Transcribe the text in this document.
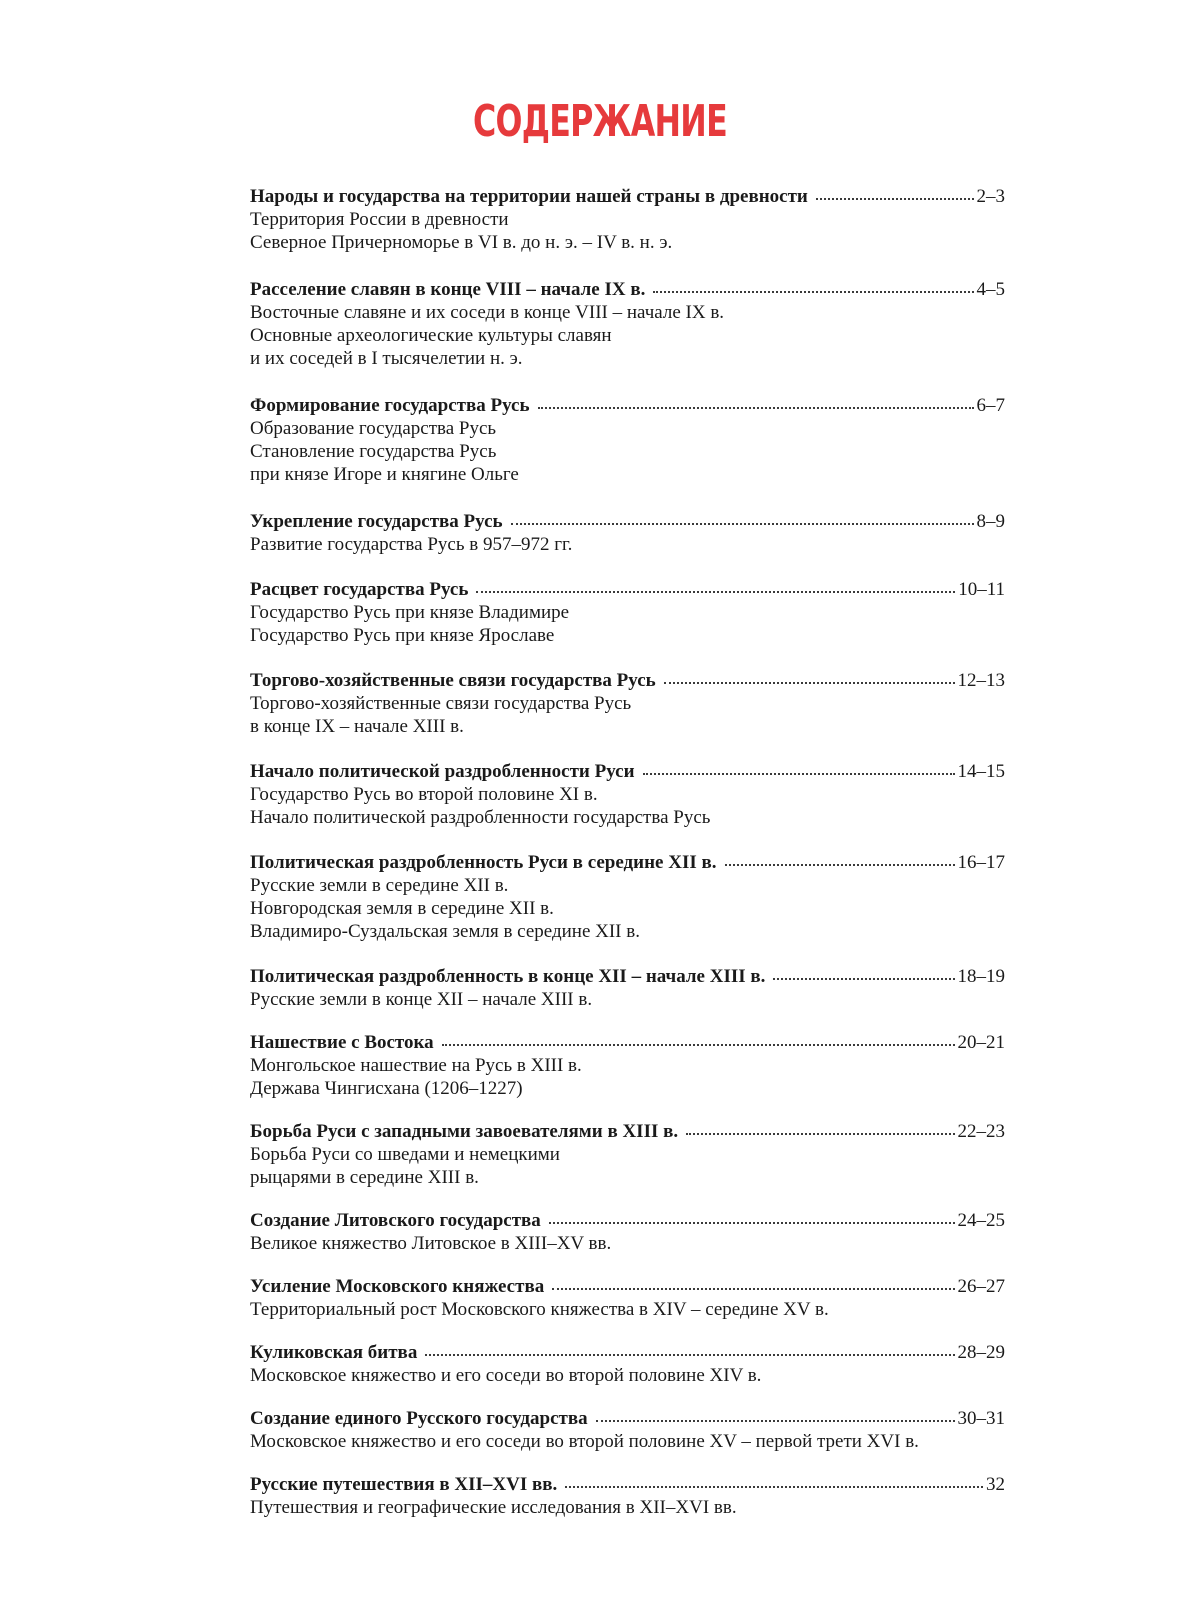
СОДЕРЖАНИЕ
Народы и государства на территории нашей страны в древности	2–3
Территория России в древности
Северное Причерноморье в VI в. до н. э. – IV в. н. э.
Расселение славян в конце VIII – начале IX в.	4–5
Восточные славяне и их соседи в конце VIII – начале IX в.
Основные археологические культуры славян
и их соседей в I тысячелетии н. э.
Формирование государства Русь	6–7
Образование государства Русь
Становление государства Русь
при князе Игоре и княгине Ольге
Укрепление государства Русь	8–9
Развитие государства Русь в 957–972 гг.
Расцвет государства Русь	10–11
Государство Русь при князе Владимире
Государство Русь при князе Ярославе
Торгово-хозяйственные связи государства Русь	12–13
Торгово-хозяйственные связи государства Русь
в конце IX – начале XIII в.
Начало политической раздробленности Руси	14–15
Государство Русь во второй половине XI в.
Начало политической раздробленности государства Русь
Политическая раздробленность Руси в середине XII в.	16–17
Русские земли в середине XII в.
Новгородская земля в середине XII в.
Владимиро-Суздальская земля в середине XII в.
Политическая раздробленность в конце XII – начале XIII в.	18–19
Русские земли в конце XII – начале XIII в.
Нашествие с Востока	20–21
Монгольское нашествие на Русь в XIII в.
Держава Чингисхана (1206–1227)
Борьба Руси с западными завоевателями в XIII в.	22–23
Борьба Руси со шведами и немецкими
рыцарями в середине XIII в.
Создание Литовского государства	24–25
Великое княжество Литовское в XIII–XV вв.
Усиление Московского княжества	26–27
Территориальный рост Московского княжества в XIV – середине XV в.
Куликовская битва	28–29
Московское княжество и его соседи во второй половине XIV в.
Создание единого Русского государства	30–31
Московское княжество и его соседи во второй половине XV – первой трети XVI в.
Русские путешествия в XII–XVI вв.	32
Путешествия и географические исследования в XII–XVI вв.
